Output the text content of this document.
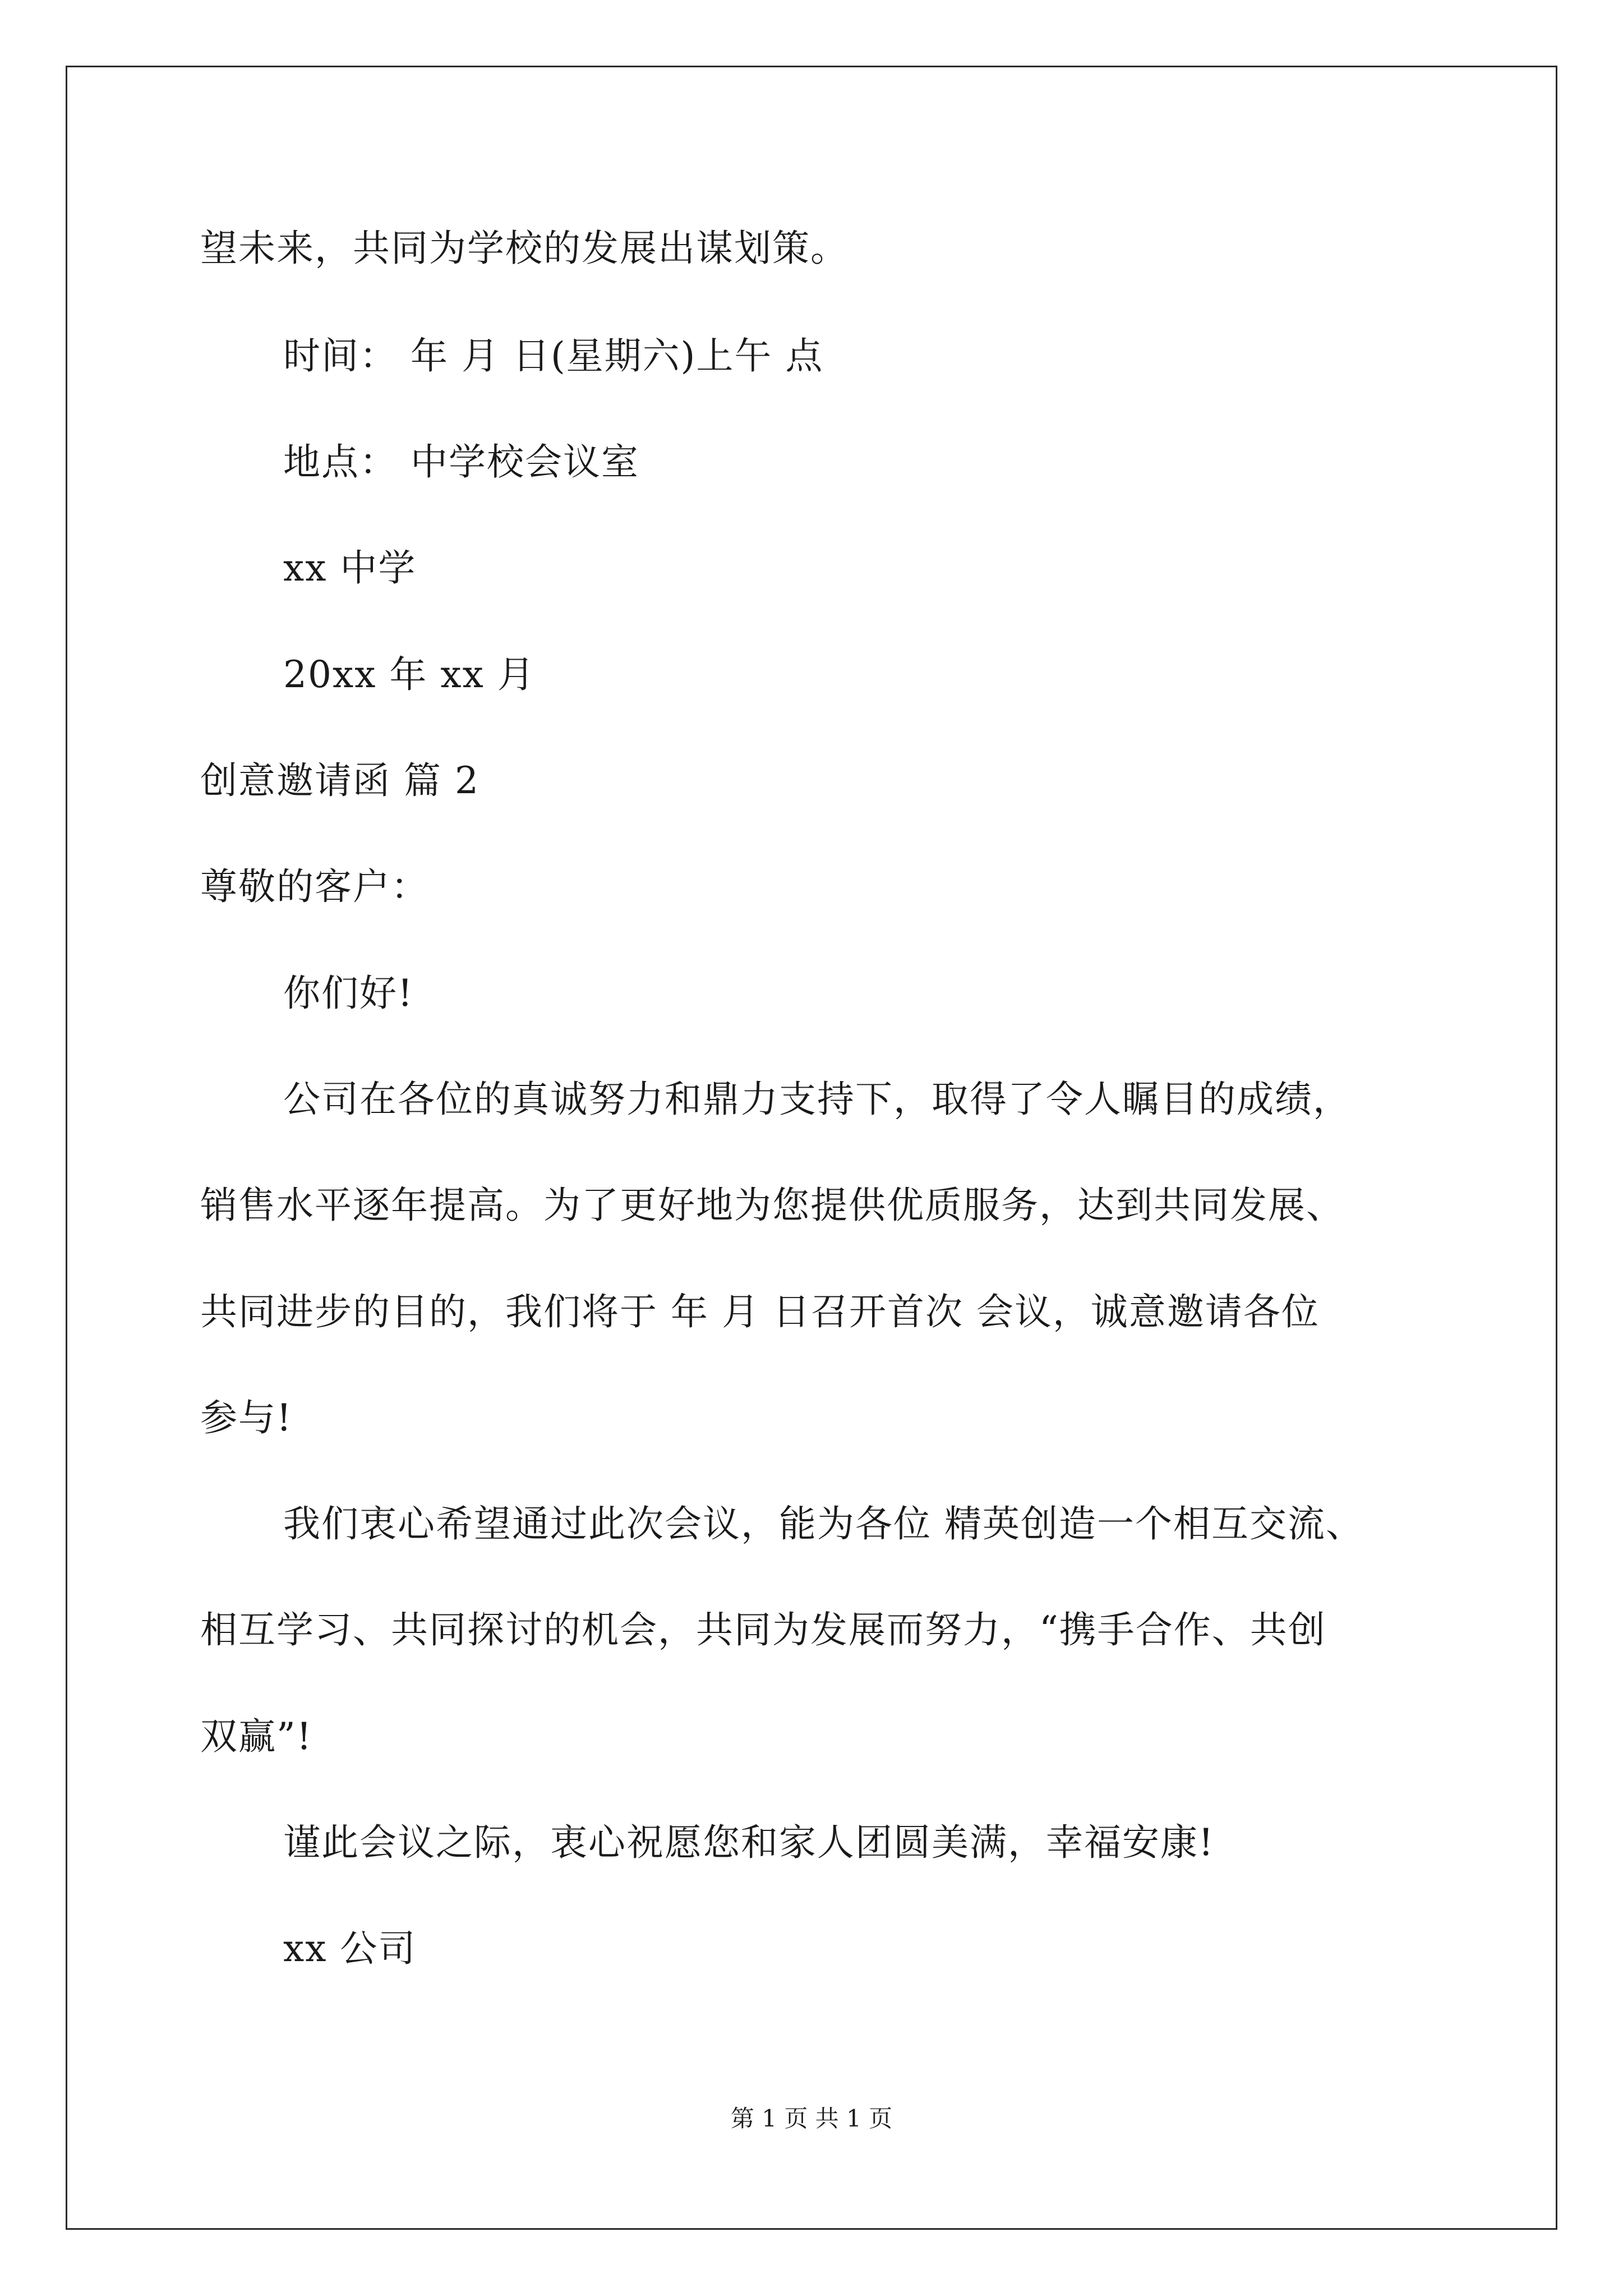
望未来，共同为学校的发展出谋划策。
时间： 年 月 日(星期六)上午 点
地点： 中学校会议室
xx 中学
20xx 年 xx 月
创意邀请函 篇 2
尊敬的客户：
你们好!
公司在各位的真诚努力和鼎力支持下，取得了令人瞩目的成绩，
销售水平逐年提高。为了更好地为您提供优质服务，达到共同发展、
共同进步的目的，我们将于 年 月 日召开首次 会议，诚意邀请各位
参与!
我们衷心希望通过此次会议，能为各位 精英创造一个相互交流、
相互学习、共同探讨的机会，共同为发展而努力，“携手合作、共创
双赢”!
谨此会议之际，衷心祝愿您和家人团圆美满，幸福安康!
xx 公司
第 1 页 共 1 页
